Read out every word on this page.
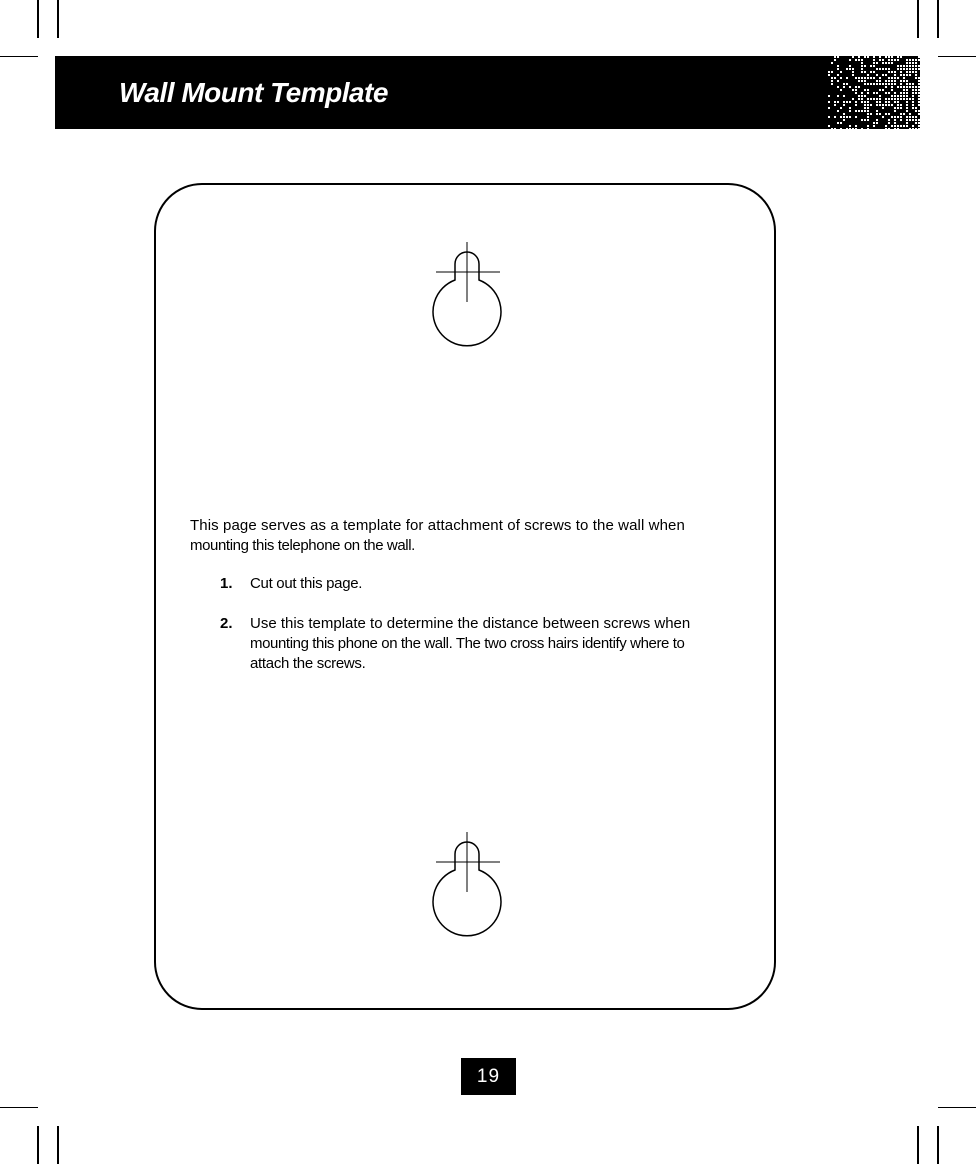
Wall Mount Template

This page serves as a template for attachment of screws to the wall when
mounting this telephone on the wall.

1. Cut out this page.
2. Use this template to determine the distance between screws when
mounting this phone on the wall. The two cross hairs identify where to
attach the screws.
19
